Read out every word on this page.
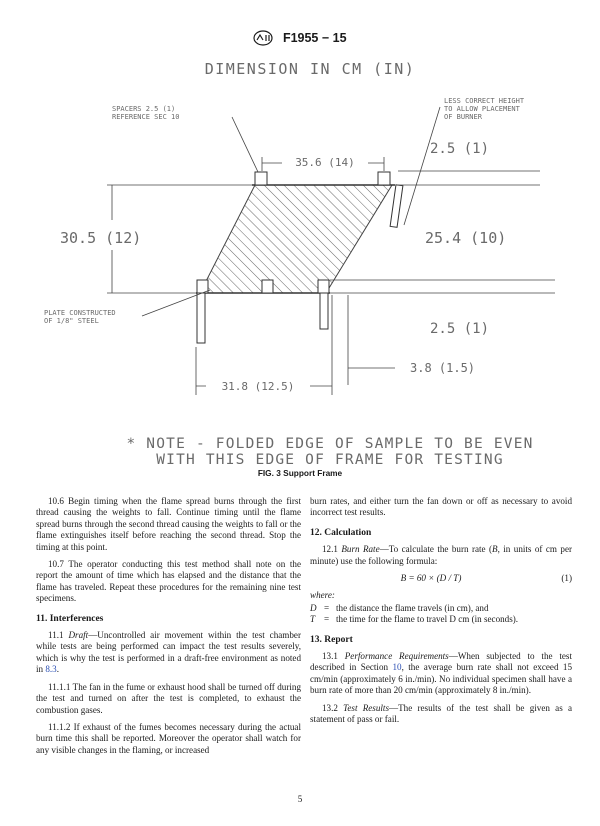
F1955 − 15
DIMENSION IN CM (IN)
35.6 (14)
SPACERS 2.5 (1)
REFERENCE SEC 10
LESS CORRECT HEIGHT
TO ALLOW PLACEMENT
OF BURNER
2.5 (1)
30.5 (12)	25.4 (10)
PLATE CONSTRUCTED
OF 1/8" STEEL	2.5 (1)
3.8 (1.5)
31.8 (12.5)
* NOTE - FOLDED EDGE OF SAMPLE TO BE EVEN
WITH THIS EDGE OF FRAME FOR TESTING
FIG. 3 Support Frame

10.6 Begin timing when the flame spread burns through the first thread causing the weights to fall. Continue timing until the flame spread burns through the second thread causing the weights to fall or the flame extinguishes itself before reaching the second thread. Stop the timing at this point.

10.7 The operator conducting this test method shall note on the report the amount of time which has elapsed and the distance that the flame has traveled. Repeat these procedures for the remaining nine test specimens.

11. Interferences

11.1 Draft—Uncontrolled air movement within the test chamber while tests are being performed can impact the test results severely, which is why the test is performed in a draft-free environment as noted in 8.3.

11.1.1 The fan in the fume or exhaust hood shall be turned off during the test and turned on after the test is completed, to exhaust the combustion gases.

11.1.2 If exhaust of the fumes becomes necessary during the actual burn time this shall be reported. Moreover the operator shall watch for any visible changes in the flaming, or increased

burn rates, and either turn the fan down or off as necessary to avoid incorrect test results.

12. Calculation

12.1 Burn Rate—To calculate the burn rate (B, in units of cm per minute) use the following formula:

B = 60 × (D / T)	(1)
where:
D = the distance the flame travels (in cm), and
T = the time for the flame to travel D cm (in seconds).
13. Report

13.1 Performance Requirements—When subjected to the test described in Section 10, the average burn rate shall not exceed 15 cm/min (approximately 6 in./min). No individual specimen shall have a burn rate of more than 20 cm/min (approximately 8 in./min).

13.2 Test Results—The results of the test shall be given as a statement of pass or fail.

5
